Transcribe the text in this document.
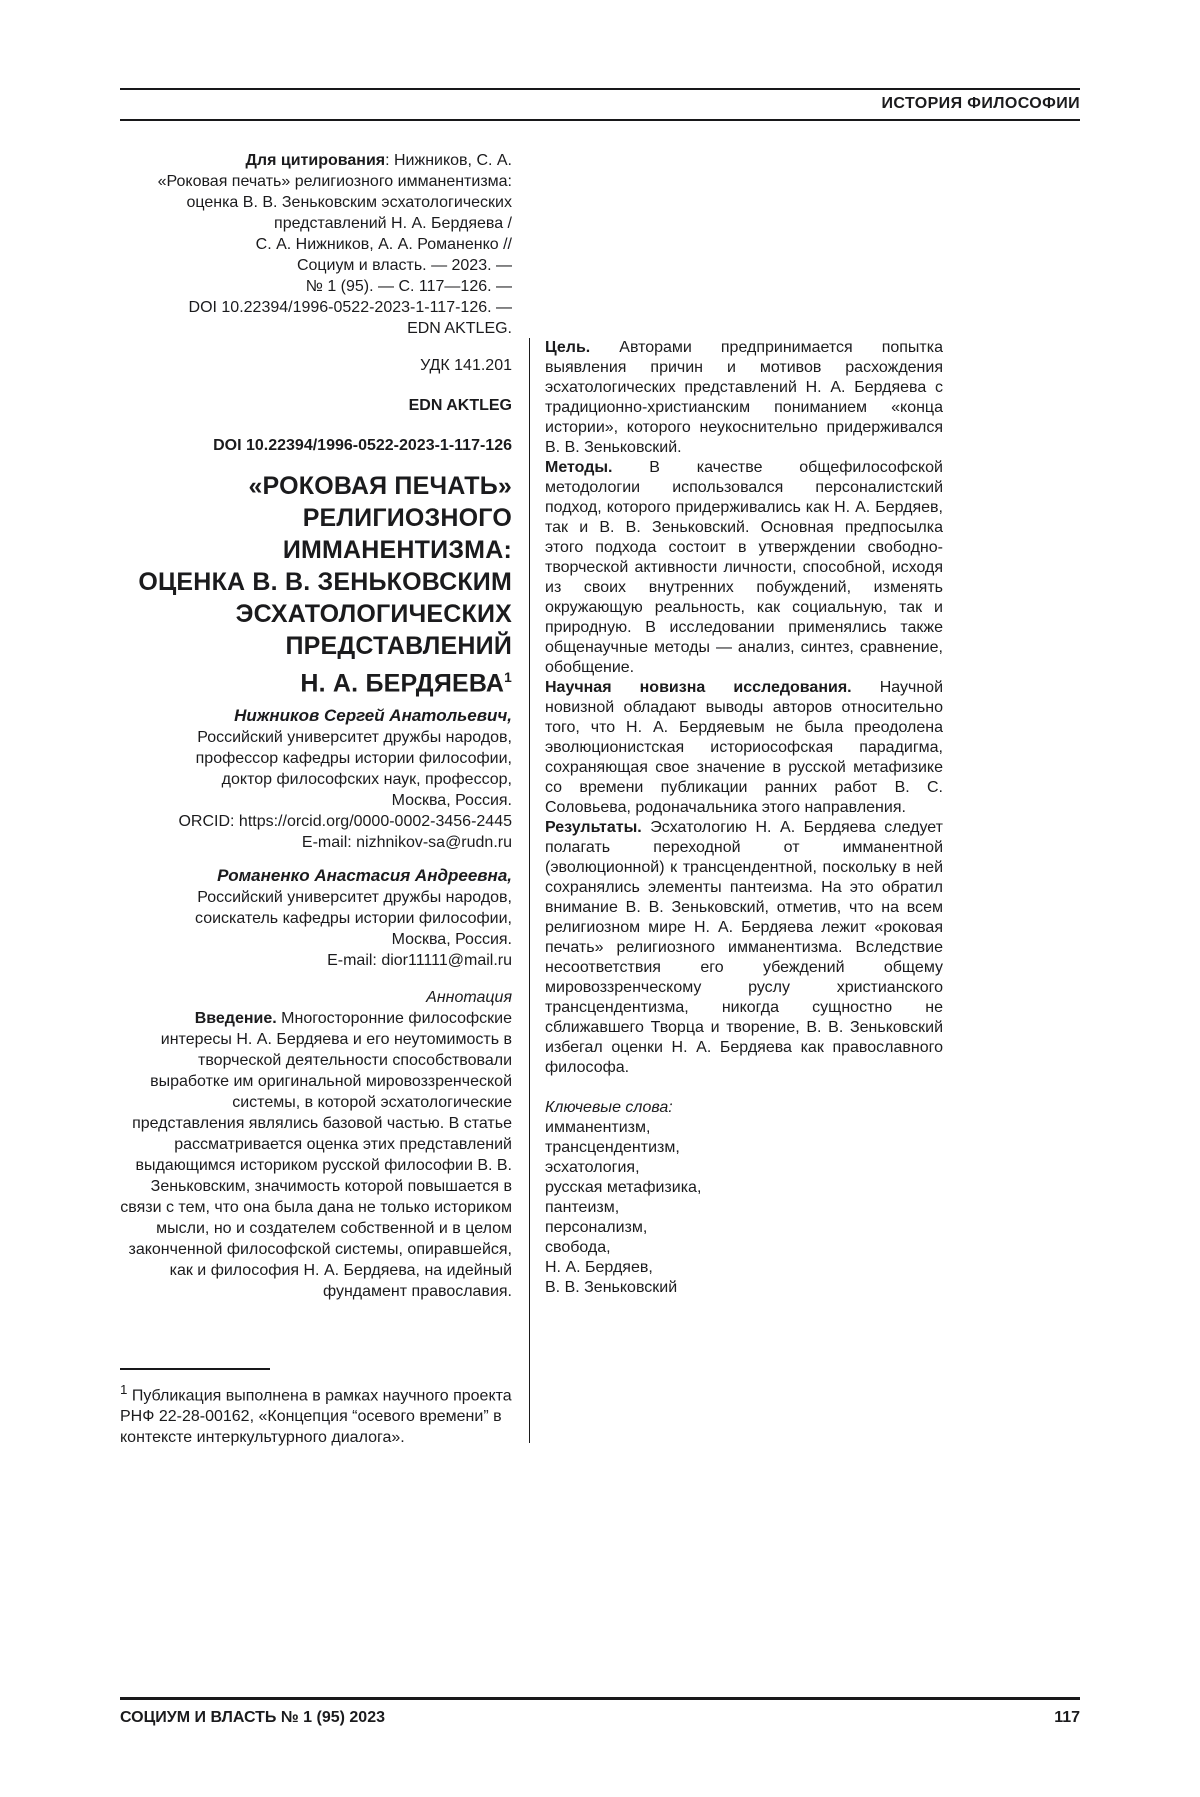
ИСТОРИЯ ФИЛОСОФИИ
Для цитирования: Нижников, С. А.
«Роковая печать» религиозного имманентизма:
оценка В. В. Зеньковским эсхатологических
представлений Н. А. Бердяева /
С. А. Нижников, А. А. Романенко //
Социум и власть. — 2023. —
№ 1 (95). — С. 117—126. —
DOI 10.22394/1996-0522-2023-1-117-126. —
EDN AKTLEG.
УДК 141.201
EDN AKTLEG
DOI 10.22394/1996-0522-2023-1-117-126
«РОКОВАЯ ПЕЧАТЬ»
РЕЛИГИОЗНОГО
ИММАНЕНТИЗМА:
ОЦЕНКА В. В. ЗЕНЬКОВСКИМ
ЭСХАТОЛОГИЧЕСКИХ
ПРЕДСТАВЛЕНИЙ
Н. А. БЕРДЯЕВА$^1$
Нижников Сергей Анатольевич,
Российский университет дружбы народов,
профессор кафедры истории философии,
доктор философских наук, профессор,
Москва, Россия.
ORCID: https://orcid.org/0000-0002-3456-2445
E-mail: nizhnikov-sa@rudn.ru
Романенко Анастасия Андреевна,
Российский университет дружбы народов,
соискатель кафедры истории философии,
Москва, Россия.
E-mail: dior11111@mail.ru
Аннотация

Введение. Многосторонние философские интересы Н. А. Бердяева и его неутомимость в творческой деятельности способствовали выработке им оригинальной мировоззренческой системы, в которой эсхатологические представления являлись базовой частью. В статье рассматривается оценка этих представлений выдающимся историком русской философии В. В. Зеньковским, значимость которой повышается в связи с тем, что она была дана не только историком мысли, но и создателем собственной и в целом законченной философской системы, опиравшейся, как и философия Н. А. Бердяева, на идейный фундамент православия.

Цель. Авторами предпринимается попытка выявления причин и мотивов расхождения эсхатологических представлений Н. А. Бердяева с традиционно-христианским пониманием «конца истории», которого неукоснительно придерживался В. В. Зеньковский.

Методы. В качестве общефилософской методологии использовался персоналистский подход, которого придерживались как Н. А. Бердяев, так и В. В. Зеньковский. Основная предпосылка этого подхода состоит в утверждении свободно-творческой активности личности, способной, исходя из своих внутренних побуждений, изменять окружающую реальность, как социальную, так и природную. В исследовании применялись также общенаучные методы — анализ, синтез, сравнение, обобщение.

Научная новизна исследования. Научной новизной обладают выводы авторов относительно того, что Н. А. Бердяевым не была преодолена эволюционистская историософская парадигма, сохраняющая свое значение в русской метафизике со времени публикации ранних работ В. С. Соловьева, родоначальника этого направления.

Результаты. Эсхатологию Н. А. Бердяева следует полагать переходной от имманентной (эволюционной) к трансцендентной, поскольку в ней сохранялись элементы пантеизма. На это обратил внимание В. В. Зеньковский, отметив, что на всем религиозном мире Н. А. Бердяева лежит «роковая печать» религиозного имманентизма. Вследствие несоответствия его убеждений общему мировоззренческому руслу христианского трансцендентизма, никогда сущностно не сближавшего Творца и творение, В. В. Зеньковский избегал оценки Н. А. Бердяева как православного философа.

Ключевые слова:
имманентизм,
трансцендентизм,
эсхатология,
русская метафизика,
пантеизм,
персонализм,
свобода,
Н. А. Бердяев,
В. В. Зеньковский
$^1$ Публикация выполнена в рамках научного проекта РНФ 22-28-00162, «Концепция “осевого времени” в контексте интеркультурного диалога».
СОЦИУМ И ВЛАСТЬ № 1 (95) 2023	117
